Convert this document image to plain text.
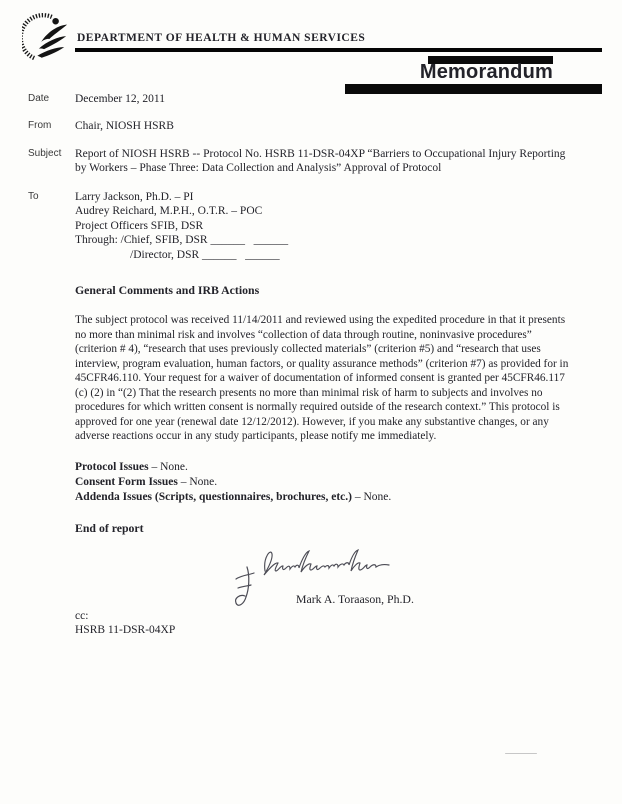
DEPARTMENT OF HEALTH & HUMAN SERVICES
Memorandum
Date December 12, 2011
From Chair, NIOSH HSRB
Subject Report of NIOSH HSRB -- Protocol No. HSRB 11-DSR-04XP “Barriers to Occupational Injury Reporting by Workers – Phase Three: Data Collection and Analysis” Approval of Protocol
To	Larry Jackson, Ph.D. – PI
Audrey Reichard, M.P.H., O.T.R. – POC
Project Officers SFIB, DSR
Through: /Chief, SFIB, DSR ______   ______
/Director, DSR ______   ______
General Comments and IRB Actions

The subject protocol was received 11/14/2011 and reviewed using the expedited procedure in that it presents no more than minimal risk and involves “collection of data through routine, noninvasive procedures” (criterion # 4), “research that uses previously collected materials” (criterion #5) and “research that uses interview, program evaluation, human factors, or quality assurance methods” (criterion #7) as provided for in 45CFR46.110. Your request for a waiver of documentation of informed consent is granted per 45CFR46.117 (c) (2) in “(2) That the research presents no more than minimal risk of harm to subjects and involves no procedures for which written consent is normally required outside of the research context.” This protocol is approved for one year (renewal date 12/12/2012). However, if you make any substantive changes, or any adverse reactions occur in any study participants, please notify me immediately.

Protocol Issues – None.
Consent Form Issues – None.
Addenda Issues (Scripts, questionnaires, brochures, etc.) – None.
End of report
Mark A. Toraason, Ph.D.
cc:
HSRB 11-DSR-04XP
